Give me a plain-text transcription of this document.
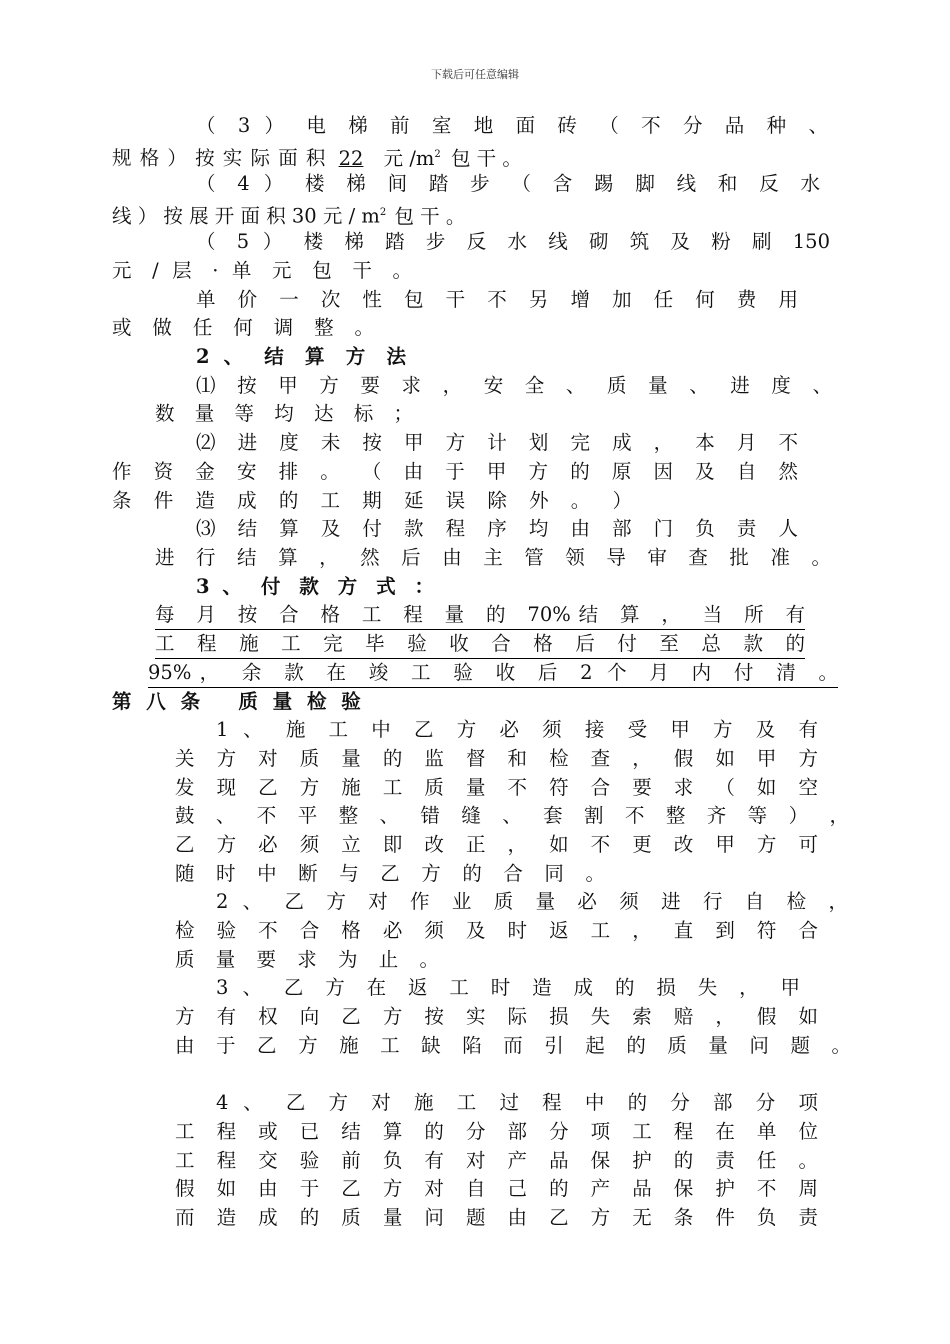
下载后可任意编辑
（ 3 ） 电 梯 前 室 地 面 砖 （ 不 分 品 种 、
规 格 ） 按 实 际 面 积 22 元 $/m^2$ 包 干 。
（ 4 ） 楼 梯 间 踏 步 （ 含 踢 脚 线 和 反 水
线 ） 按 展 开 面 积 30 元 / $m^2$ 包 干 。
（ 5 ） 楼 梯 踏 步 反 水 线 砌 筑 及 粉 刷 150
元 / 层 · 单 元 包 干 。
单 价 一 次 性 包 干 不 另 增 加 任 何 费 用
或 做 任 何 调 整 。
2 、 结 算 方 法
⑴ 按 甲 方 要 求 ， 安 全 、 质 量 、 进 度 、
数 量 等 均 达 标 ；
⑵ 进 度 未 按 甲 方 计 划 完 成 ， 本 月 不
作 资 金 安 排 。 （ 由 于 甲 方 的 原 因 及 自 然
条 件 造 成 的 工 期 延 误 除 外 。 ）
⑶ 结 算 及 付 款 程 序 均 由 部 门 负 责 人
进 行 结 算 ， 然 后 由 主 管 领 导 审 查 批 准 。
3 、 付 款 方 式 ：
每 月 按 合 格 工 程 量 的 70%结 算 ， 当 所 有
工 程 施 工 完 毕 验 收 合 格 后 付 至 总 款 的
95%， 余 款 在 竣 工 验 收 后 2 个 月 内 付 清 。
第 八 条　 质 量 检 验
1 、 施 工 中 乙 方 必 须 接 受 甲 方 及 有
关 方 对 质 量 的 监 督 和 检 查 ， 假 如 甲 方
发 现 乙 方 施 工 质 量 不 符 合 要 求 （ 如 空
鼓 、 不 平 整 、 错 缝 、 套 割 不 整 齐 等 ） ，
乙 方 必 须 立 即 改 正 ， 如 不 更 改 甲 方 可
随 时 中 断 与 乙 方 的 合 同 。
2 、 乙 方 对 作 业 质 量 必 须 进 行 自 检 ，
检 验 不 合 格 必 须 及 时 返 工 ， 直 到 符 合
质 量 要 求 为 止 。
3 、 乙 方 在 返 工 时 造 成 的 损 失 ， 甲
方 有 权 向 乙 方 按 实 际 损 失 索 赔 ， 假 如
由 于 乙 方 施 工 缺 陷 而 引 起 的 质 量 问 题 。
4 、 乙 方 对 施 工 过 程 中 的 分 部 分 项
工 程 或 已 结 算 的 分 部 分 项 工 程 在 单 位
工 程 交 验 前 负 有 对 产 品 保 护 的 责 任 。
假 如 由 于 乙 方 对 自 己 的 产 品 保 护 不 周
而 造 成 的 质 量 问 题 由 乙 方 无 条 件 负 责
